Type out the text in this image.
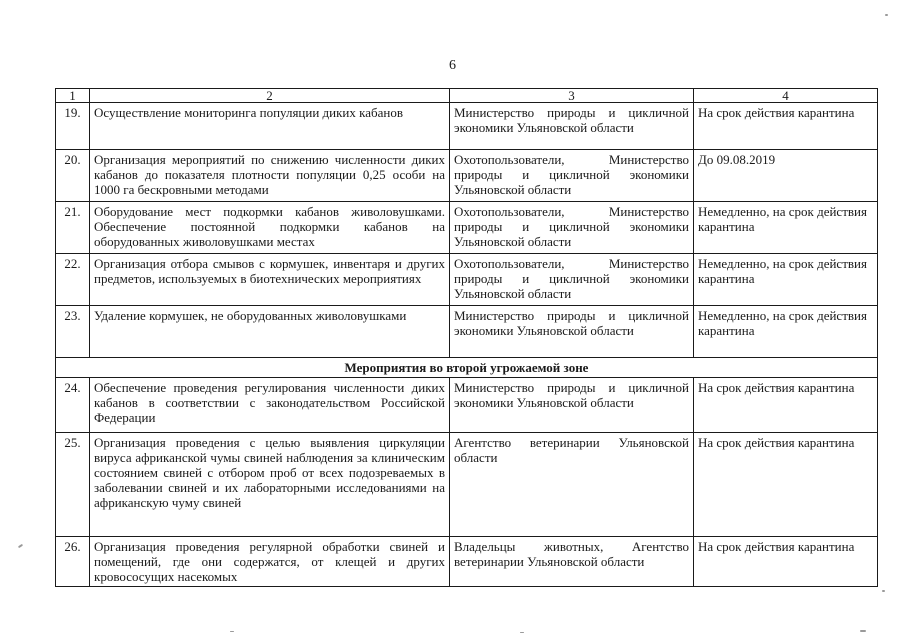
6
1	2	3	4
19.	Осуществление мониторинга популяции диких кабанов	Министерство природы и цикличной экономики Ульяновской области	На срок действия карантина
20.	Организация мероприятий по снижению численности диких кабанов до показателя плотности популяции 0,25 особи на 1000 га бескровными методами	Охотопользователи, Министерство природы и цикличной экономики Ульяновской области	До 09.08.2019
21.	Оборудование мест подкормки кабанов живоловушками. Обеспечение постоянной подкормки кабанов на оборудованных живоловушками местах	Охотопользователи, Министерство природы и цикличной экономики Ульяновской области	Немедленно, на срок действия карантина
22.	Организация отбора смывов с кормушек, инвентаря и других предметов, используемых в биотехнических мероприятиях	Охотопользователи, Министерство природы и цикличной экономики Ульяновской области	Немедленно, на срок действия карантина
23.	Удаление кормушек, не оборудованных живоловушками	Министерство природы и цикличной экономики Ульяновской области	Немедленно, на срок действия карантина
Мероприятия во второй угрожаемой зоне			
24.	Обеспечение проведения регулирования численности диких кабанов в соответствии с законодательством Российской Федерации	Министерство природы и цикличной экономики Ульяновской области	На срок действия карантина
25.	Организация проведения с целью выявления циркуляции вируса африканской чумы свиней наблюдения за клиническим состоянием свиней с отбором проб от всех подозреваемых в заболевании свиней и их лабораторными исследованиями на африканскую чуму свиней	Агентство ветеринарии Ульяновской области	На срок действия карантина
26.	Организация проведения регулярной обработки свиней и помещений, где они содержатся, от клещей и других кровососущих насекомых	Владельцы животных, Агентство ветеринарии Ульяновской области	На срок действия карантина
